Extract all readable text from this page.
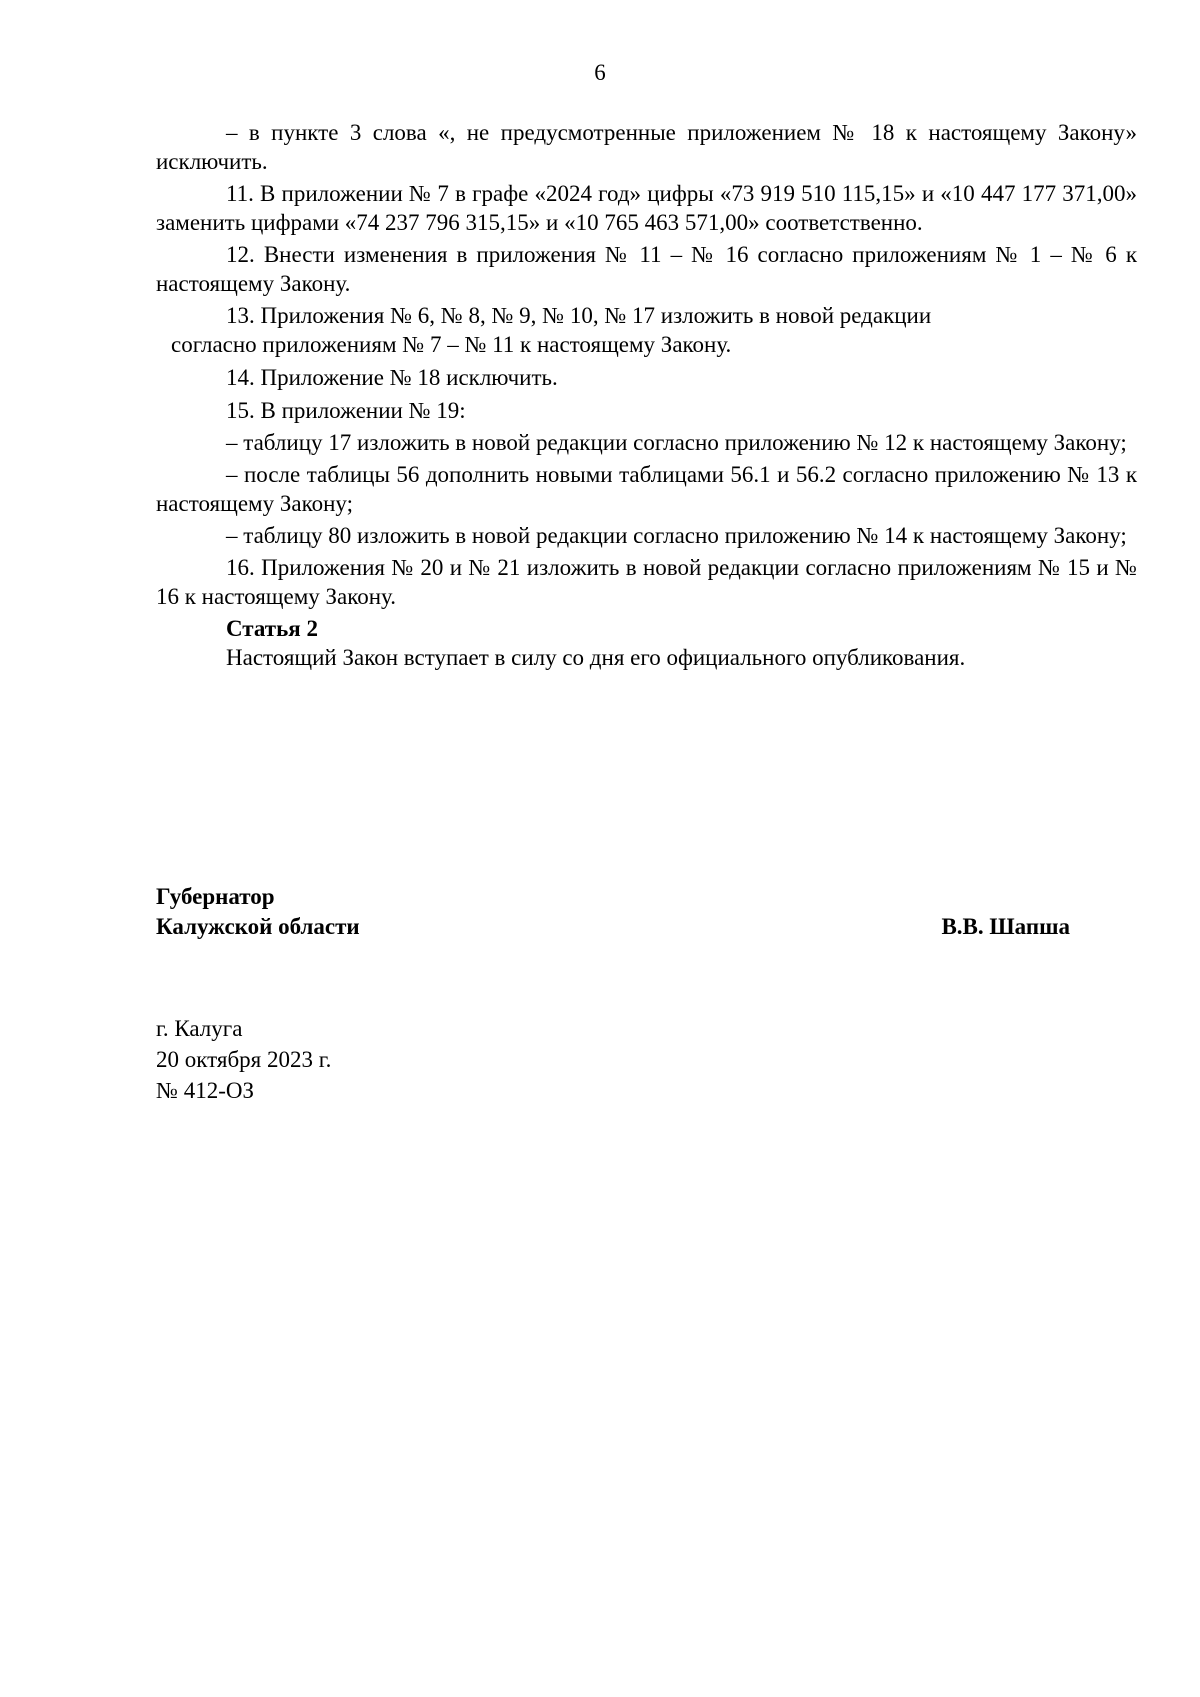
6

– в пункте 3 слова «, не предусмотренные приложением № 18 к настоящему Закону» исключить.

11. В приложении № 7 в графе «2024 год» цифры «73 919 510 115,15» и «10 447 177 371,00» заменить цифрами «74 237 796 315,15» и «10 765 463 571,00» соответственно.

12. Внести изменения в приложения № 11 – № 16 согласно приложениям № 1 – № 6 к настоящему Закону.

13. Приложения № 6, № 8, № 9, № 10, № 17 изложить в новой редакции

согласно приложениям № 7 – № 11 к настоящему Закону.

14. Приложение № 18 исключить.

15. В приложении № 19:

– таблицу 17 изложить в новой редакции согласно приложению № 12 к настоящему Закону;

– после таблицы 56 дополнить новыми таблицами 56.1 и 56.2 согласно приложению № 13 к настоящему Закону;

– таблицу 80 изложить в новой редакции согласно приложению № 14 к настоящему Закону;

16. Приложения № 20 и № 21 изложить в новой редакции согласно приложениям № 15 и № 16 к настоящему Закону.

Статья 2

Настоящий Закон вступает в силу со дня его официального опубликования.

Губернатор
Калужской области	В.В. Шапша
г. Калуга
20 октября 2023 г.
№ 412-ОЗ
